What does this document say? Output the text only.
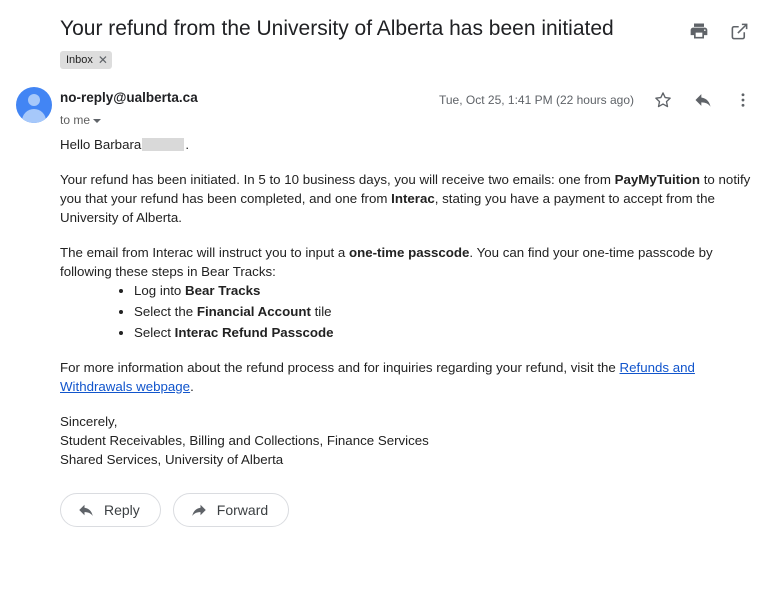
Your refund from the University of Alberta has been initiated
Inbox ✕
no-reply@ualberta.ca
to me
Tue, Oct 25, 1:41 PM (22 hours ago)

Hello Barbara	.

Your refund has been initiated. In 5 to 10 business days, you will receive two emails: one from PayMyTuition to notify you that your refund has been completed, and one from Interac, stating you have a payment to accept from the University of Alberta.

The email from Interac will instruct you to input a one-time passcode. You can find your one-time passcode by following these steps in Bear Tracks:

• Log into Bear Tracks
• Select the Financial Account tile
• Select Interac Refund Passcode

For more information about the refund process and for inquiries regarding your refund, visit the Refunds and Withdrawals webpage.

Sincerely,
Student Receivables, Billing and Collections, Finance Services
Shared Services, University of Alberta
Reply	Forward
